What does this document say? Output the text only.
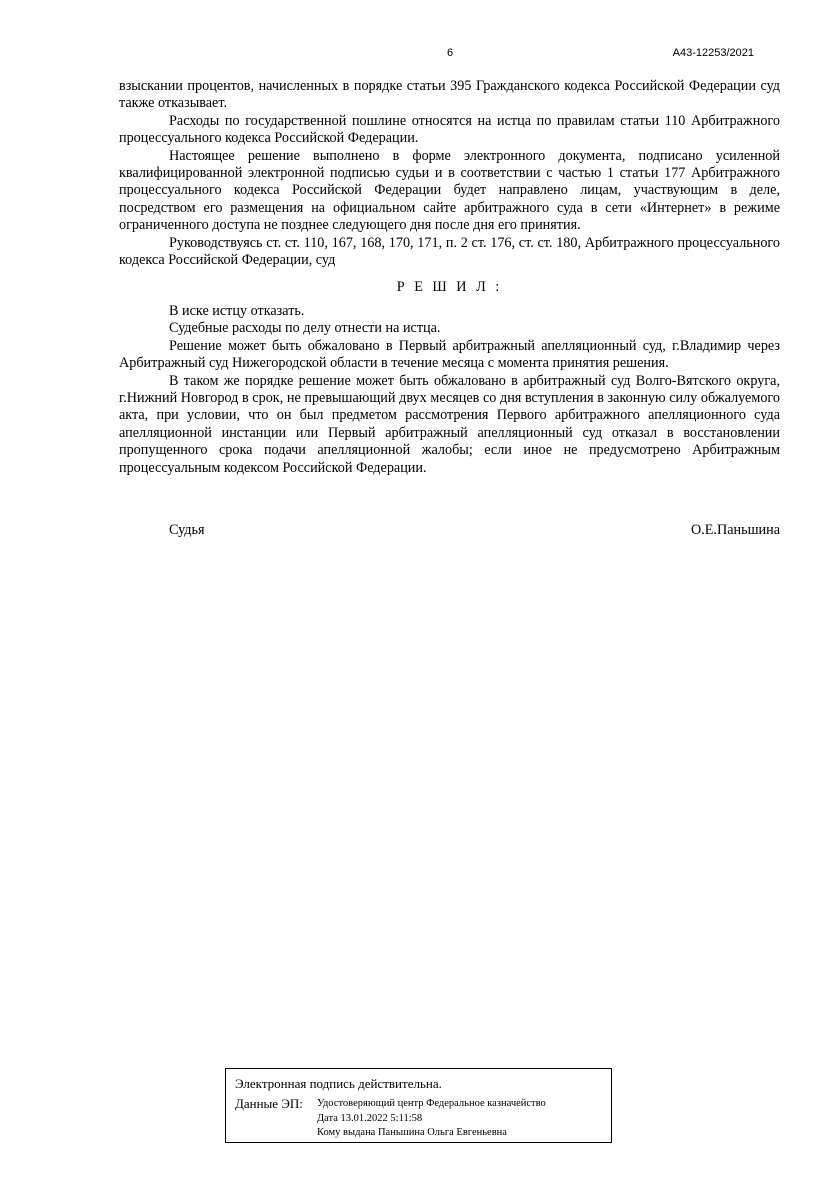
6	А43-12253/2021

взыскании процентов, начисленных в порядке статьи 395 Гражданского кодекса Российской Федерации суд также отказывает.

Расходы по государственной пошлине относятся на истца по правилам статьи 110 Арбитражного процессуального кодекса Российской Федерации.

Настоящее решение выполнено в форме электронного документа, подписано усиленной квалифицированной электронной подписью судьи и в соответствии с частью 1 статьи 177 Арбитражного процессуального кодекса Российской Федерации будет направлено лицам, участвующим в деле, посредством его размещения на официальном сайте арбитражного суда в сети «Интернет» в режиме ограниченного доступа не позднее следующего дня после дня его принятия.

Руководствуясь ст. ст. 110, 167, 168, 170, 171, п. 2 ст. 176, ст. ст. 180, Арбитражного процессуального кодекса Российской Федерации, суд

Р Е Ш И Л :

В иске истцу отказать.

Судебные расходы по делу отнести на истца.

Решение может быть обжаловано в Первый арбитражный апелляционный суд, г.Владимир через Арбитражный суд Нижегородской области в течение месяца с момента принятия решения.

В таком же порядке решение может быть обжаловано в арбитражный суд Волго-Вятского округа, г.Нижний Новгород в срок, не превышающий двух месяцев со дня вступления в законную силу обжалуемого акта, при условии, что он был предметом рассмотрения Первого арбитражного апелляционного суда апелляционной инстанции или Первый арбитражный апелляционный суд отказал в восстановлении пропущенного срока подачи апелляционной жалобы; если иное не предусмотрено Арбитражным процессуальным кодексом Российской Федерации.

Судья	О.Е.Паньшина
Электронная подпись действительна.
Данные ЭП: Удостоверяющий центр Федеральное казначейство
Дата 13.01.2022 5:11:58
Кому выдана Паньшина Ольга Евгеньевна
